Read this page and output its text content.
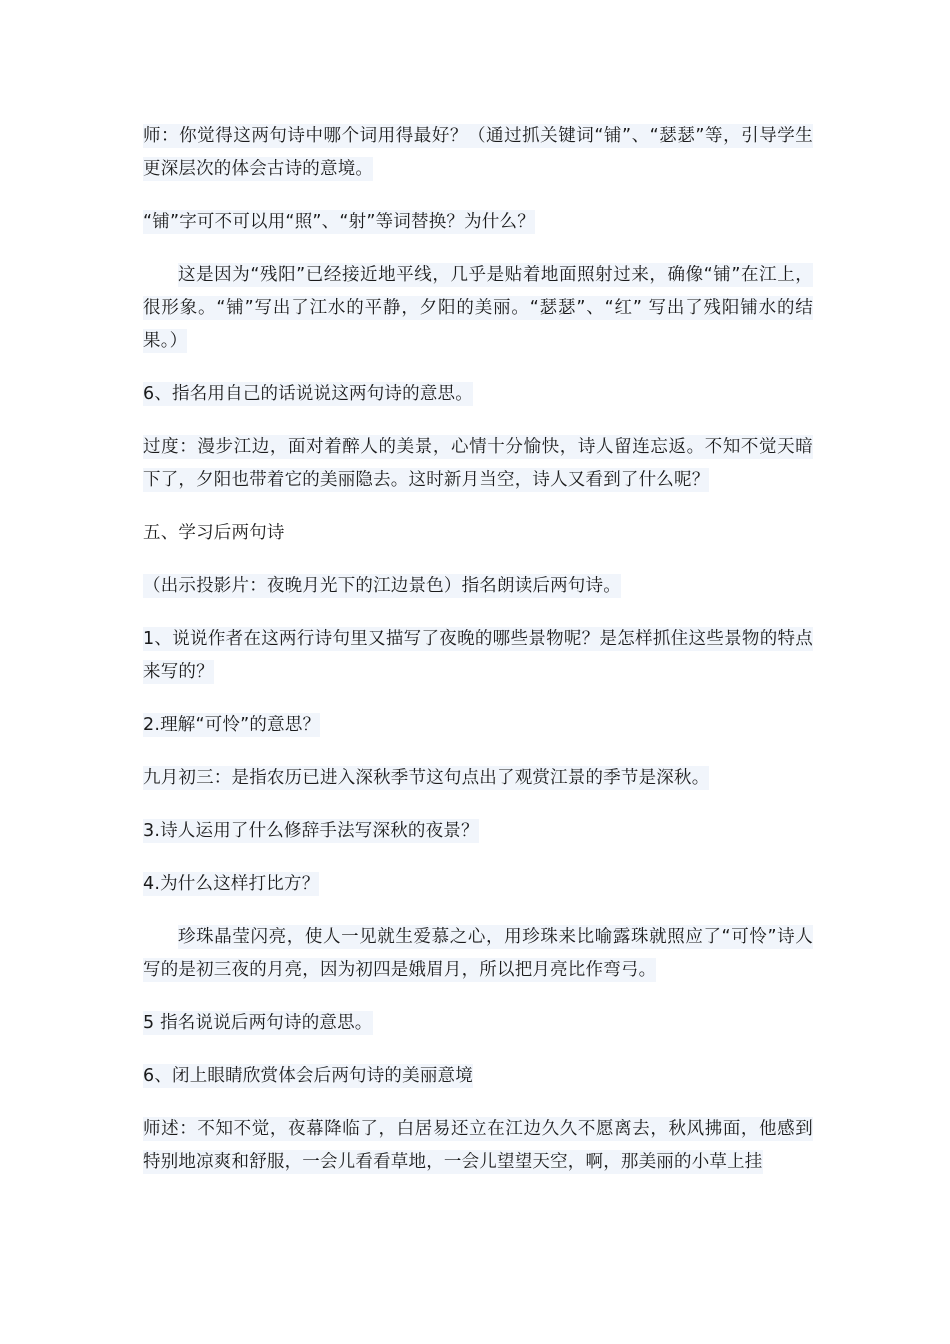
师：你觉得这两句诗中哪个词用得最好？（通过抓关键词“铺”、“瑟瑟”等，引导学生更深层次的体会古诗的意境。

“铺”字可不可以用“照”、“射”等词替换？为什么？

这是因为“残阳”已经接近地平线，几乎是贴着地面照射过来，确像“铺”在江上，很形象。“铺”写出了江水的平静，夕阳的美丽。“瑟瑟”、“红” 写出了残阳铺水的结果。）

6、指名用自己的话说说这两句诗的意思。

过度：漫步江边，面对着醉人的美景，心情十分愉快，诗人留连忘返。不知不觉天暗下了，夕阳也带着它的美丽隐去。这时新月当空，诗人又看到了什么呢？

五、学习后两句诗

（出示投影片：夜晚月光下的江边景色）指名朗读后两句诗。

1、说说作者在这两行诗句里又描写了夜晚的哪些景物呢？是怎样抓住这些景物的特点来写的？

2.理解“可怜”的意思？

九月初三：是指农历已进入深秋季节这句点出了观赏江景的季节是深秋。

3.诗人运用了什么修辞手法写深秋的夜景？

4.为什么这样打比方？

珍珠晶莹闪亮，使人一见就生爱慕之心，用珍珠来比喻露珠就照应了“可怜”诗人写的是初三夜的月亮，因为初四是娥眉月，所以把月亮比作弯弓。

5 指名说说后两句诗的意思。

6、闭上眼睛欣赏体会后两句诗的美丽意境

师述：不知不觉，夜幕降临了，白居易还立在江边久久不愿离去，秋风拂面，他感到特别地凉爽和舒服，一会儿看看草地，一会儿望望天空，啊，那美丽的小草上挂
